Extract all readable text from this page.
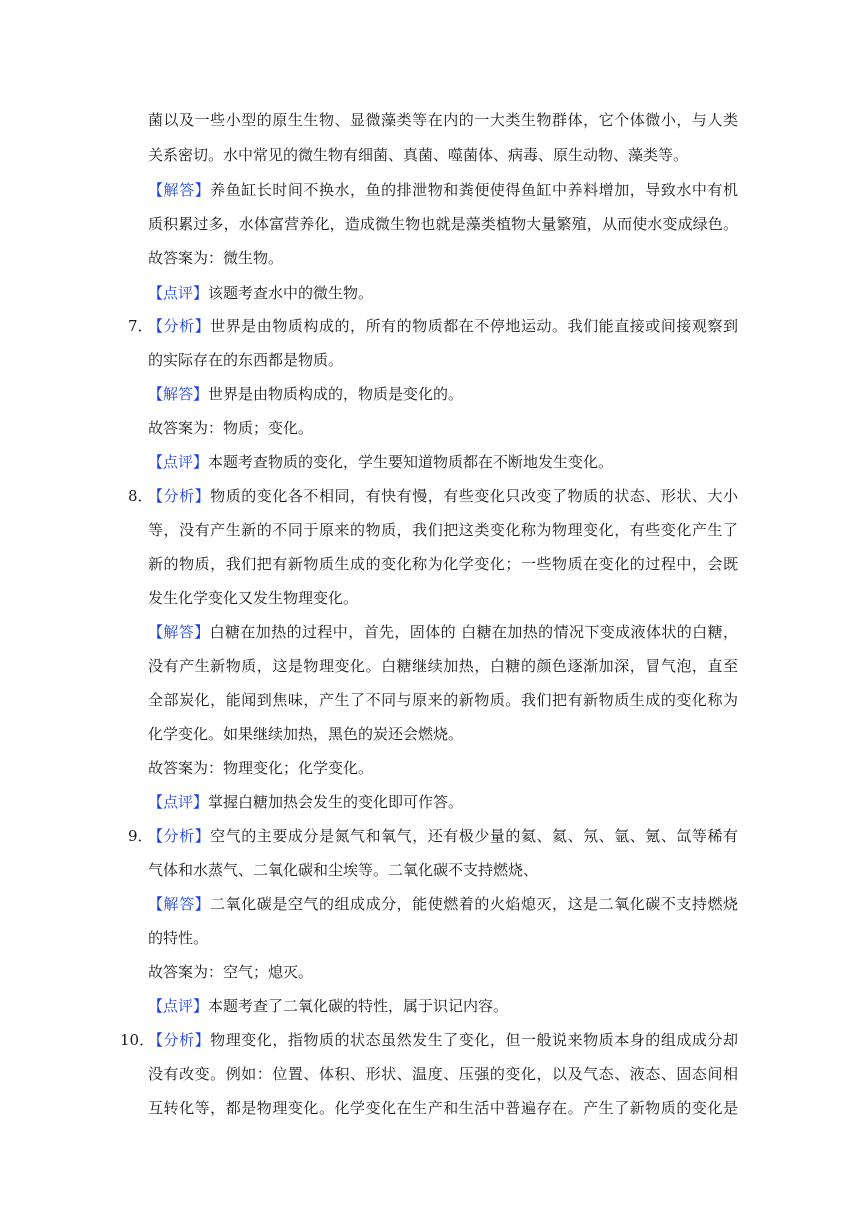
菌以及一些小型的原生生物、显微藻类等在内的一大类生物群体，它个体微小，与人类
关系密切。水中常见的微生物有细菌、真菌、噬菌体、病毒、原生动物、藻类等。
【解答】养鱼缸长时间不换水，鱼的排泄物和粪便使得鱼缸中养料增加，导致水中有机
质积累过多，水体富营养化，造成微生物也就是藻类植物大量繁殖，从而使水变成绿色。
故答案为：微生物。
【点评】该题考查水中的微生物。
7．
【分析】世界是由物质构成的，所有的物质都在不停地运动。我们能直接或间接观察到
的实际存在的东西都是物质。
【解答】世界是由物质构成的，物质是变化的。
故答案为：物质；变化。
【点评】本题考查物质的变化，学生要知道物质都在不断地发生变化。
8．
【分析】物质的变化各不相同，有快有慢，有些变化只改变了物质的状态、形状、大小
等，没有产生新的不同于原来的物质，我们把这类变化称为物理变化，有些变化产生了
新的物质，我们把有新物质生成的变化称为化学变化；一些物质在变化的过程中，会既
发生化学变化又发生物理变化。
【解答】白糖在加热的过程中，首先，固体的 白糖在加热的情况下变成液体状的白糖，
没有产生新物质，这是物理变化。白糖继续加热，白糖的颜色逐渐加深，冒气泡，直至
全部炭化，能闻到焦味，产生了不同与原来的新物质。我们把有新物质生成的变化称为
化学变化。如果继续加热，黑色的炭还会燃烧。
故答案为：物理变化；化学变化。
【点评】掌握白糖加热会发生的变化即可作答。
9．
【分析】空气的主要成分是氮气和氧气，还有极少量的氦、氦、氖、氩、氪、氙等稀有
气体和水蒸气、二氧化碳和尘埃等。二氧化碳不支持燃烧、
【解答】二氧化碳是空气的组成成分，能使燃着的火焰熄灭，这是二氧化碳不支持燃烧
的特性。
故答案为：空气；熄灭。
【点评】本题考查了二氧化碳的特性，属于识记内容。
10．
【分析】物理变化，指物质的状态虽然发生了变化，但一般说来物质本身的组成成分却
没有改变。例如：位置、体积、形状、温度、压强的变化，以及气态、液态、固态间相
互转化等，都是物理变化。化学变化在生产和生活中普遍存在。产生了新物质的变化是
